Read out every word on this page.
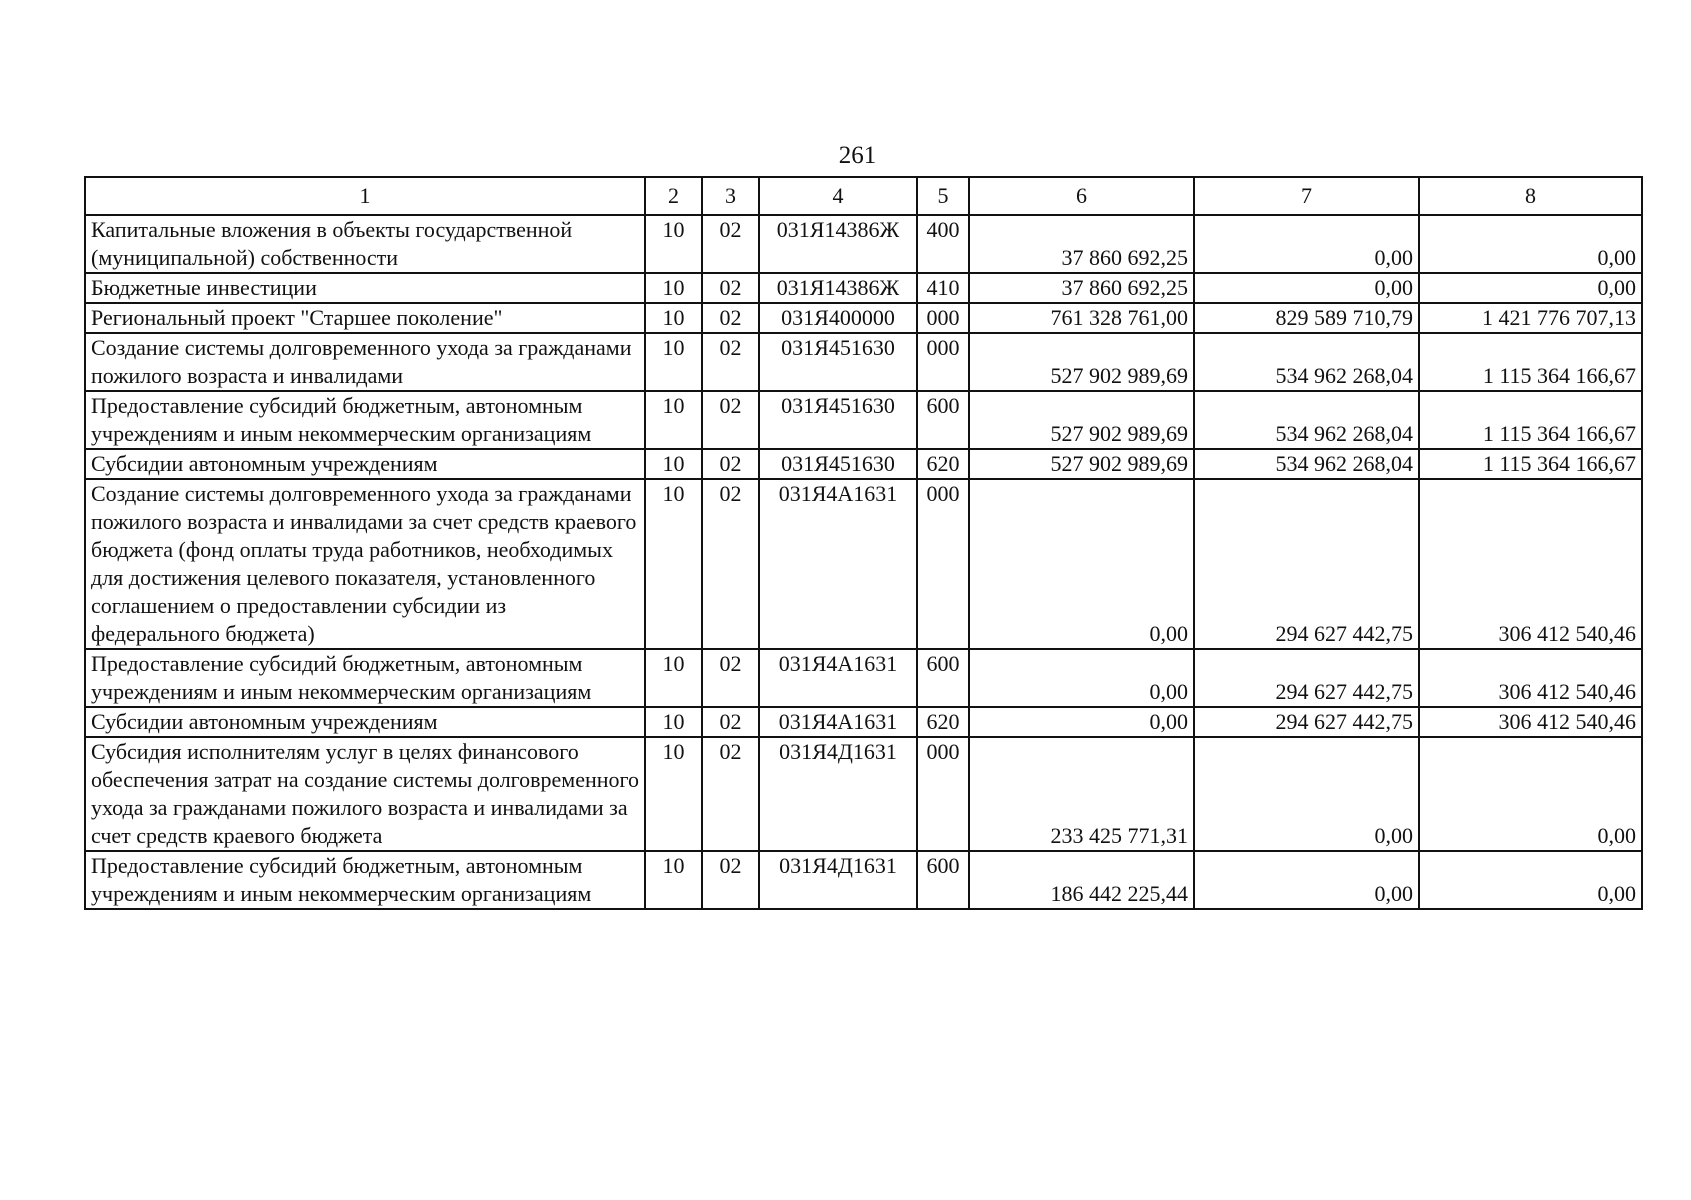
261
1	2	3	4	5	6	7	8
Капитальные вложения в объекты государственной (муниципальной) собственности	10	02	031Я14386Ж	400	37 860 692,25	0,00	0,00
Бюджетные инвестиции	10	02	031Я14386Ж	410	37 860 692,25	0,00	0,00
Региональный проект "Старшее поколение"	10	02	031Я400000	000	761 328 761,00	829 589 710,79	1 421 776 707,13
Создание системы долговременного ухода за гражданами пожилого возраста и инвалидами	10	02	031Я451630	000	527 902 989,69	534 962 268,04	1 115 364 166,67
Предоставление субсидий бюджетным, автономным учреждениям и иным некоммерческим организациям	10	02	031Я451630	600	527 902 989,69	534 962 268,04	1 115 364 166,67
Субсидии автономным учреждениям	10	02	031Я451630	620	527 902 989,69	534 962 268,04	1 115 364 166,67
Создание системы долговременного ухода за гражданами пожилого возраста и инвалидами за счет средств краевого бюджета (фонд оплаты труда работников, необходимых для достижения целевого показателя, установленного соглашением о предоставлении субсидии из федерального бюджета)	10	02	031Я4А1631	000	0,00	294 627 442,75	306 412 540,46
Предоставление субсидий бюджетным, автономным учреждениям и иным некоммерческим организациям	10	02	031Я4А1631	600	0,00	294 627 442,75	306 412 540,46
Субсидии автономным учреждениям	10	02	031Я4А1631	620	0,00	294 627 442,75	306 412 540,46
Субсидия исполнителям услуг в целях финансового обеспечения затрат на создание системы долговременного ухода за гражданами пожилого возраста и инвалидами за счет средств краевого бюджета	10	02	031Я4Д1631	000	233 425 771,31	0,00	0,00
Предоставление субсидий бюджетным, автономным учреждениям и иным некоммерческим организациям	10	02	031Я4Д1631	600	186 442 225,44	0,00	0,00
